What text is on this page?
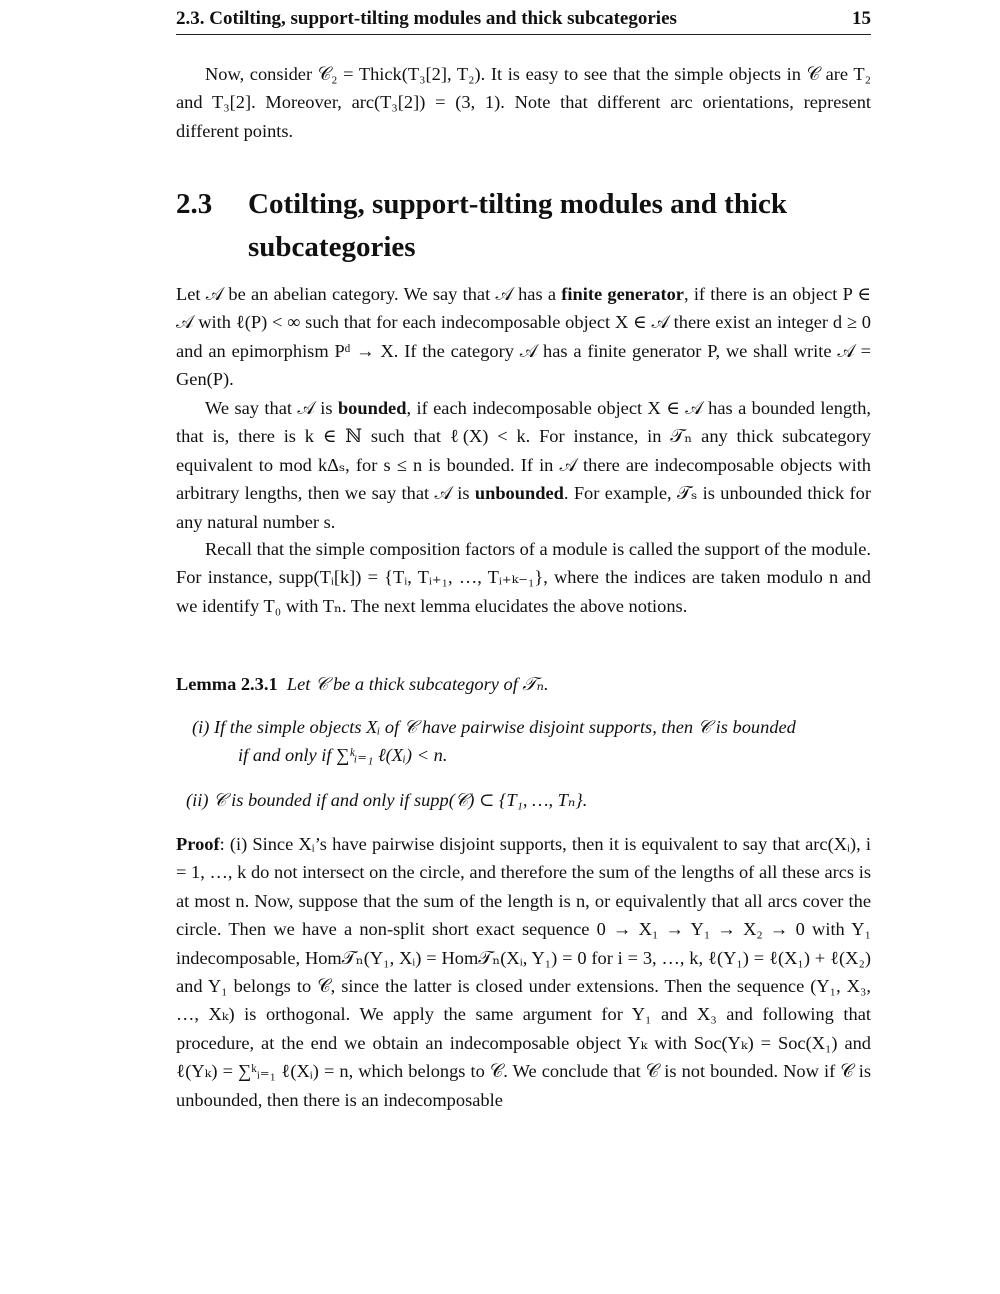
2.3. Cotilting, support-tilting modules and thick subcategories	15

Now, consider 𝒞₂ = Thick(T₃[2], T₂). It is easy to see that the simple objects in 𝒞 are T₂ and T₃[2]. Moreover, arc(T₃[2]) = (3, 1). Note that different arc orientations, represent different points.

2.3 Cotilting, support-tilting modules and thick subcategories

Let 𝒜 be an abelian category. We say that 𝒜 has a finite generator, if there is an object P ∈ 𝒜 with ℓ(P) < ∞ such that for each indecomposable object X ∈ 𝒜 there exist an integer d ≥ 0 and an epimorphism Pᵈ → X. If the category 𝒜 has a finite generator P, we shall write 𝒜 = Gen(P).

We say that 𝒜 is bounded, if each indecomposable object X ∈ 𝒜 has a bounded length, that is, there is k ∈ ℕ such that ℓ(X) < k. For instance, in 𝒯ₙ any thick subcategory equivalent to mod kΔₛ, for s ≤ n is bounded. If in 𝒜 there are indecomposable objects with arbitrary lengths, then we say that 𝒜 is unbounded. For example, 𝒯ₛ is unbounded thick for any natural number s.

Recall that the simple composition factors of a module is called the support of the module. For instance, supp(Tᵢ[k]) = {Tᵢ, Tᵢ₊₁, …, Tᵢ₊ₖ₋₁}, where the indices are taken modulo n and we identify T₀ with Tₙ. The next lemma elucidates the above notions.

Lemma 2.3.1 Let 𝒞 be a thick subcategory of 𝒯ₙ.
(i) If the simple objects Xᵢ of 𝒞 have pairwise disjoint supports, then 𝒞 is bounded
if and only if ∑ᵏᵢ₌₁ ℓ(Xᵢ) < n.
(ii) 𝒞 is bounded if and only if supp(𝒞) ⊂ {T₁, …, Tₙ}.

Proof: (i) Since Xᵢ’s have pairwise disjoint supports, then it is equivalent to say that arc(Xᵢ), i = 1, …, k do not intersect on the circle, and therefore the sum of the lengths of all these arcs is at most n. Now, suppose that the sum of the length is n, or equivalently that all arcs cover the circle. Then we have a non-split short exact sequence 0 → X₁ → Y₁ → X₂ → 0 with Y₁ indecomposable, Hom𝒯ₙ(Y₁, Xᵢ) = Hom𝒯ₙ(Xᵢ, Y₁) = 0 for i = 3, …, k, ℓ(Y₁) = ℓ(X₁) + ℓ(X₂) and Y₁ belongs to 𝒞, since the latter is closed under extensions. Then the sequence (Y₁, X₃, …, Xₖ) is orthogonal. We apply the same argument for Y₁ and X₃ and following that procedure, at the end we obtain an indecomposable object Yₖ with Soc(Yₖ) = Soc(X₁) and ℓ(Yₖ) = ∑ᵏᵢ₌₁ ℓ(Xᵢ) = n, which belongs to 𝒞. We conclude that 𝒞 is not bounded. Now if 𝒞 is unbounded, then there is an indecomposable
